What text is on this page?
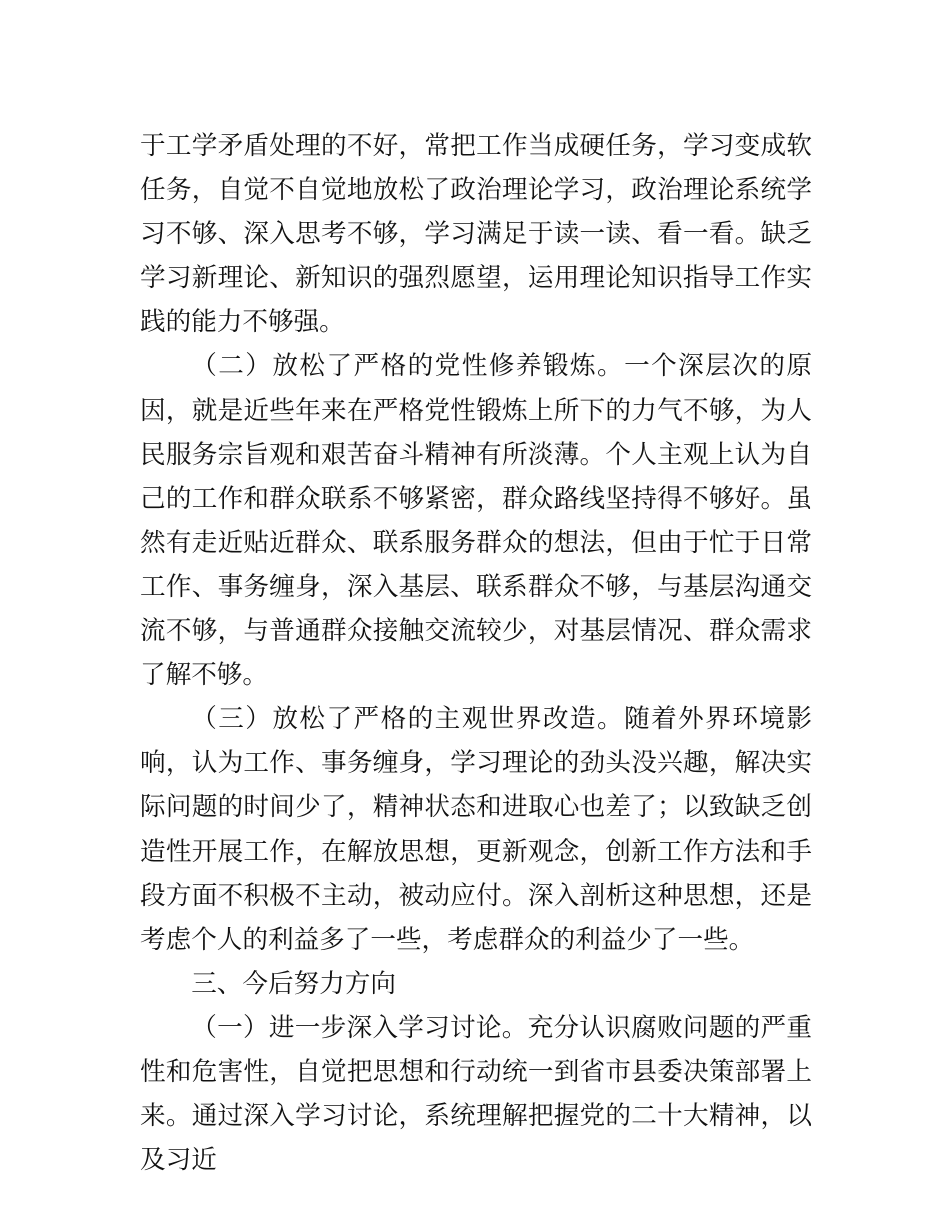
于工学矛盾处理的不好，常把工作当成硬任务，学习变成软任务，自觉不自觉地放松了政治理论学习，政治理论系统学习不够、深入思考不够，学习满足于读一读、看一看。缺乏学习新理论、新知识的强烈愿望，运用理论知识指导工作实践的能力不够强。

（二）放松了严格的党性修养锻炼。一个深层次的原因，就是近些年来在严格党性锻炼上所下的力气不够，为人民服务宗旨观和艰苦奋斗精神有所淡薄。个人主观上认为自己的工作和群众联系不够紧密，群众路线坚持得不够好。虽然有走近贴近群众、联系服务群众的想法，但由于忙于日常工作、事务缠身，深入基层、联系群众不够，与基层沟通交流不够，与普通群众接触交流较少，对基层情况、群众需求了解不够。

（三）放松了严格的主观世界改造。随着外界环境影响，认为工作、事务缠身，学习理论的劲头没兴趣，解决实际问题的时间少了，精神状态和进取心也差了；以致缺乏创造性开展工作，在解放思想，更新观念，创新工作方法和手段方面不积极不主动，被动应付。深入剖析这种思想，还是考虑个人的利益多了一些，考虑群众的利益少了一些。

三、今后努力方向

（一）进一步深入学习讨论。充分认识腐败问题的严重性和危害性，自觉把思想和行动统一到省市县委决策部署上来。通过深入学习讨论，系统理解把握党的二十大精神，以及习近
